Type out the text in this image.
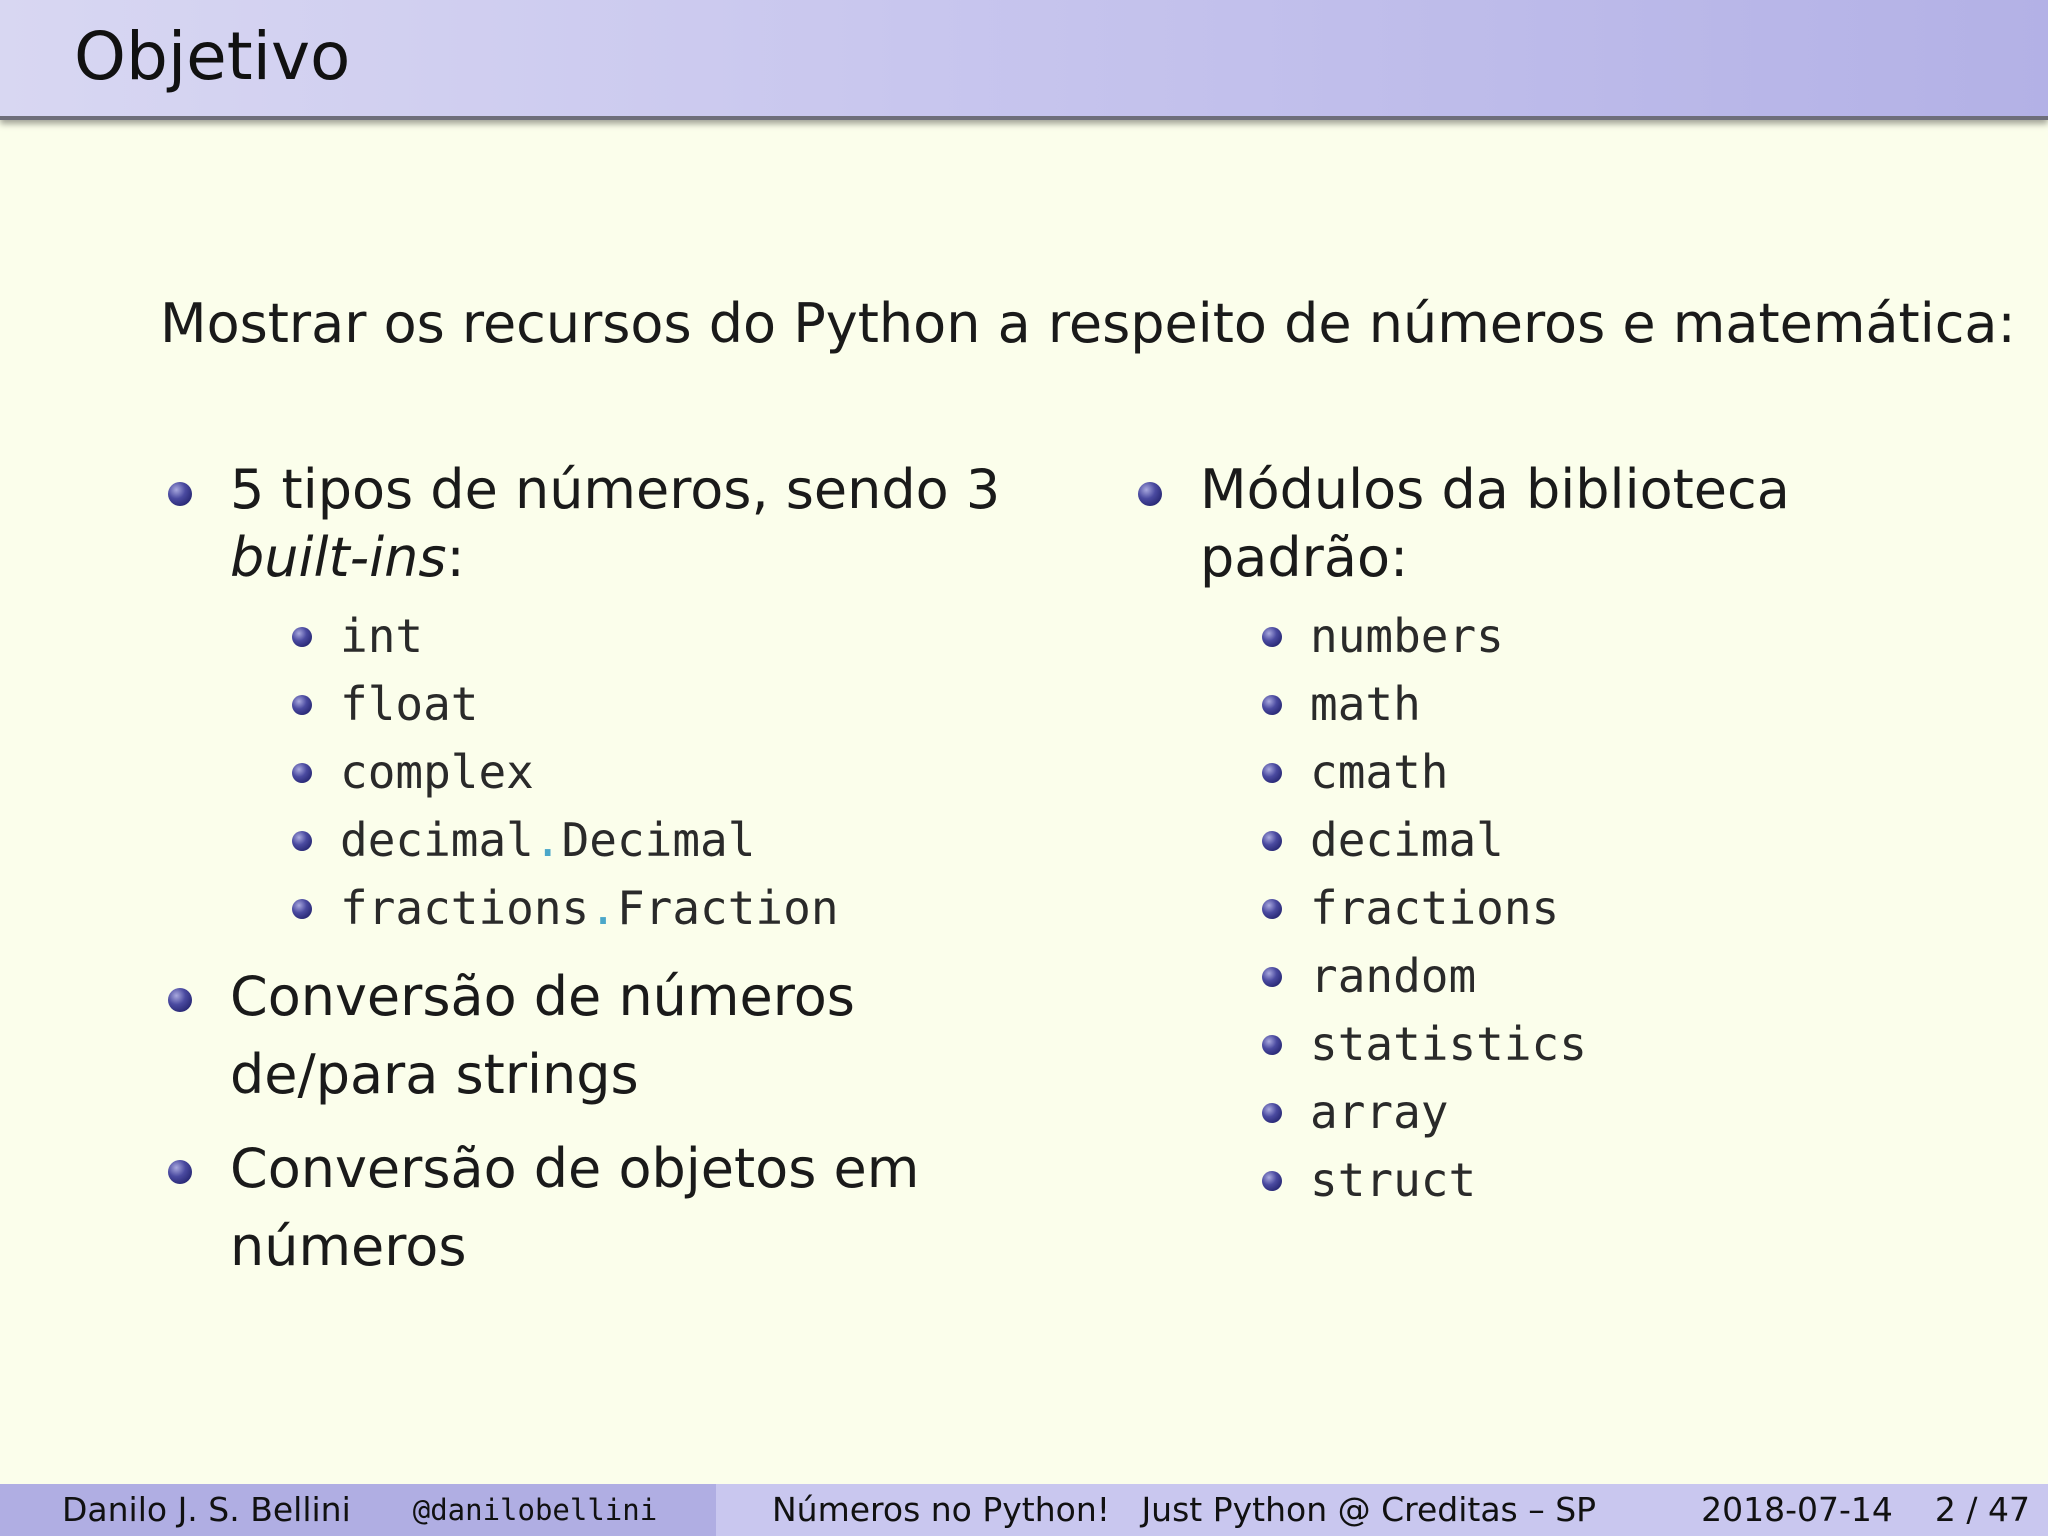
Objetivo
Mostrar os recursos do Python a respeito de números e matemática:
5 tipos de números, sendo 3 built-ins:
int
float
complex
decimal.Decimal
fractions.Fraction
Conversão de números de/para strings
Conversão de objetos em números
Módulos da biblioteca padrão:
numbers
math
cmath
decimal
fractions
random
statistics
array
struct
Danilo J. S. Bellini @danilobellini	Números no Python!   Just Python @ Creditas – SP	2018-07-14 2 / 47
